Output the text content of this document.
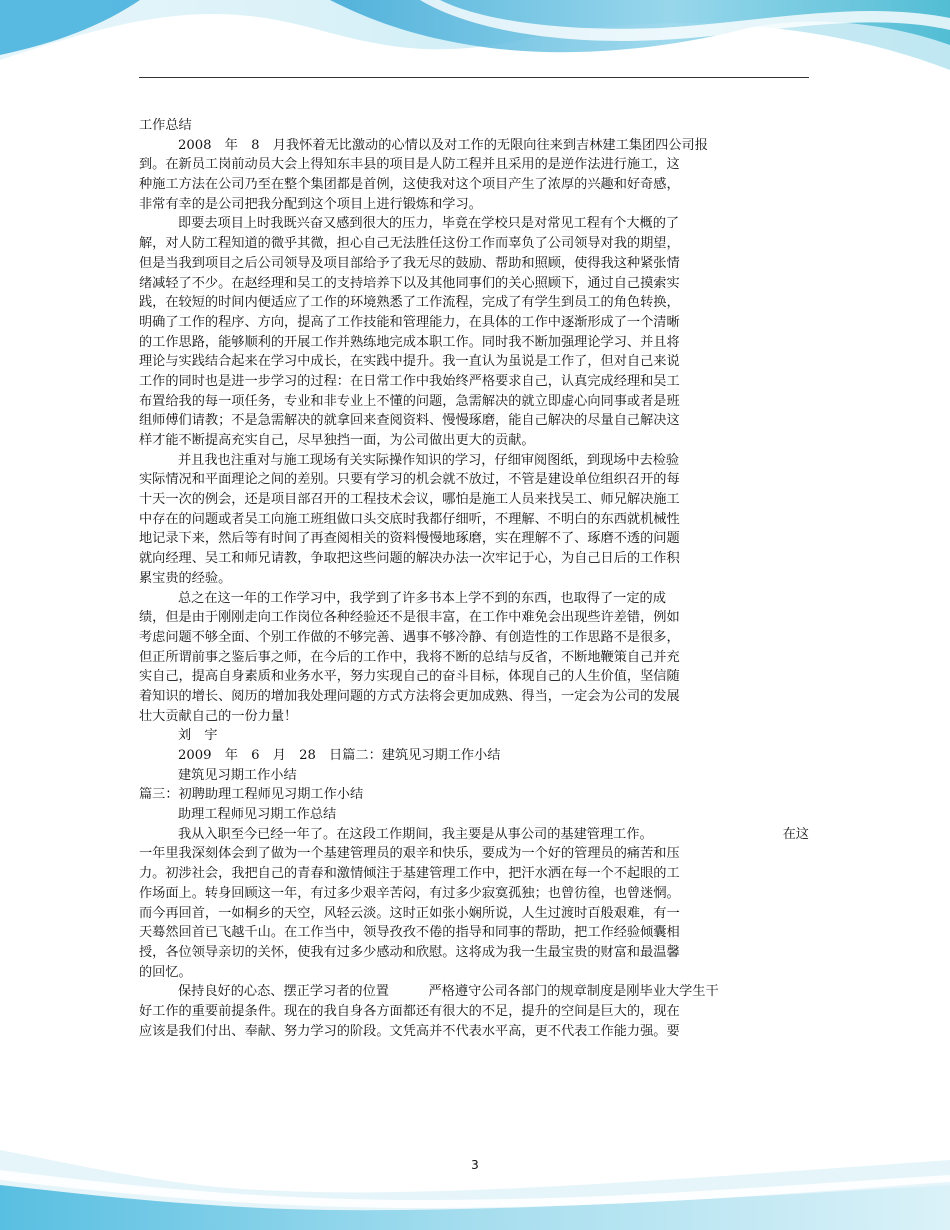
工作总结
2008　年　8　月我怀着无比激动的心情以及对工作的无限向往来到吉林建工集团四公司报
到。在新员工岗前动员大会上得知东丰县的项目是人防工程并且采用的是逆作法进行施工，这
种施工方法在公司乃至在整个集团都是首例，这使我对这个项目产生了浓厚的兴趣和好奇感，
非常有幸的是公司把我分配到这个项目上进行锻炼和学习。
即要去项目上时我既兴奋又感到很大的压力，毕竟在学校只是对常见工程有个大概的了
解，对人防工程知道的微乎其微，担心自己无法胜任这份工作而辜负了公司领导对我的期望，
但是当我到项目之后公司领导及项目部给予了我无尽的鼓励、帮助和照顾，使得我这种紧张情
绪减轻了不少。在赵经理和吴工的支持培养下以及其他同事们的关心照顾下，通过自己摸索实
践，在较短的时间内便适应了工作的环境熟悉了工作流程，完成了有学生到员工的角色转换，
明确了工作的程序、方向，提高了工作技能和管理能力，在具体的工作中逐渐形成了一个清晰
的工作思路，能够顺利的开展工作并熟练地完成本职工作。同时我不断加强理论学习、并且将
理论与实践结合起来在学习中成长，在实践中提升。我一直认为虽说是工作了，但对自己来说
工作的同时也是进一步学习的过程：在日常工作中我始终严格要求自己，认真完成经理和吴工
布置给我的每一项任务，专业和非专业上不懂的问题，急需解决的就立即虚心向同事或者是班
组师傅们请教；不是急需解决的就拿回来查阅资料、慢慢琢磨，能自己解决的尽量自己解决这
样才能不断提高充实自己，尽早独挡一面，为公司做出更大的贡献。
并且我也注重对与施工现场有关实际操作知识的学习，仔细审阅图纸，到现场中去检验
实际情况和平面理论之间的差别。只要有学习的机会就不放过，不管是建设单位组织召开的每
十天一次的例会，还是项目部召开的工程技术会议，哪怕是施工人员来找吴工、师兄解决施工
中存在的问题或者吴工向施工班组做口头交底时我都仔细听，不理解、不明白的东西就机械性
地记录下来，然后等有时间了再查阅相关的资料慢慢地琢磨，实在理解不了、琢磨不透的问题
就向经理、吴工和师兄请教，争取把这些问题的解决办法一次牢记于心，为自己日后的工作积
累宝贵的经验。
总之在这一年的工作学习中，我学到了许多书本上学不到的东西，也取得了一定的成
绩，但是由于刚刚走向工作岗位各种经验还不是很丰富，在工作中难免会出现些许差错，例如
考虑问题不够全面、个别工作做的不够完善、遇事不够冷静、有创造性的工作思路不是很多，
但正所谓前事之鉴后事之师，在今后的工作中，我将不断的总结与反省，不断地鞭策自己并充
实自己，提高自身素质和业务水平，努力实现自己的奋斗目标，体现自己的人生价值，坚信随
着知识的增长、阅历的增加我处理问题的方式方法将会更加成熟、得当，一定会为公司的发展
壮大贡献自己的一份力量！
刘　宇
2009　年　6　月　28　日篇二：建筑见习期工作小结
建筑见习期工作小结
篇三：初聘助理工程师见习期工作小结
助理工程师见习期工作总结
我从入职至今已经一年了。在这段工作期间，我主要是从事公司的基建管理工作。	在这
一年里我深刻体会到了做为一个基建管理员的艰辛和快乐，要成为一个好的管理员的痛苦和压
力。初涉社会，我把自己的青春和激情倾注于基建管理工作中，把汗水洒在每一个不起眼的工
作场面上。转身回顾这一年，有过多少艰辛苦闷，有过多少寂寞孤独；也曾彷徨，也曾迷惘。
而今再回首，一如桐乡的天空，风轻云淡。这时正如张小娴所说，人生过渡时百般艰难，有一
天蓦然回首已飞越千山。在工作当中，领导孜孜不倦的指导和同事的帮助，把工作经验倾囊相
授，各位领导亲切的关怀，使我有过多少感动和欣慰。这将成为我一生最宝贵的财富和最温馨
的回忆。
保持良好的心态、摆正学习者的位置　　　严格遵守公司各部门的规章制度是刚毕业大学生干
好工作的重要前提条件。现在的我自身各方面都还有很大的不足，提升的空间是巨大的，现在
应该是我们付出、奉献、努力学习的阶段。文凭高并不代表水平高，更不代表工作能力强。要
3
